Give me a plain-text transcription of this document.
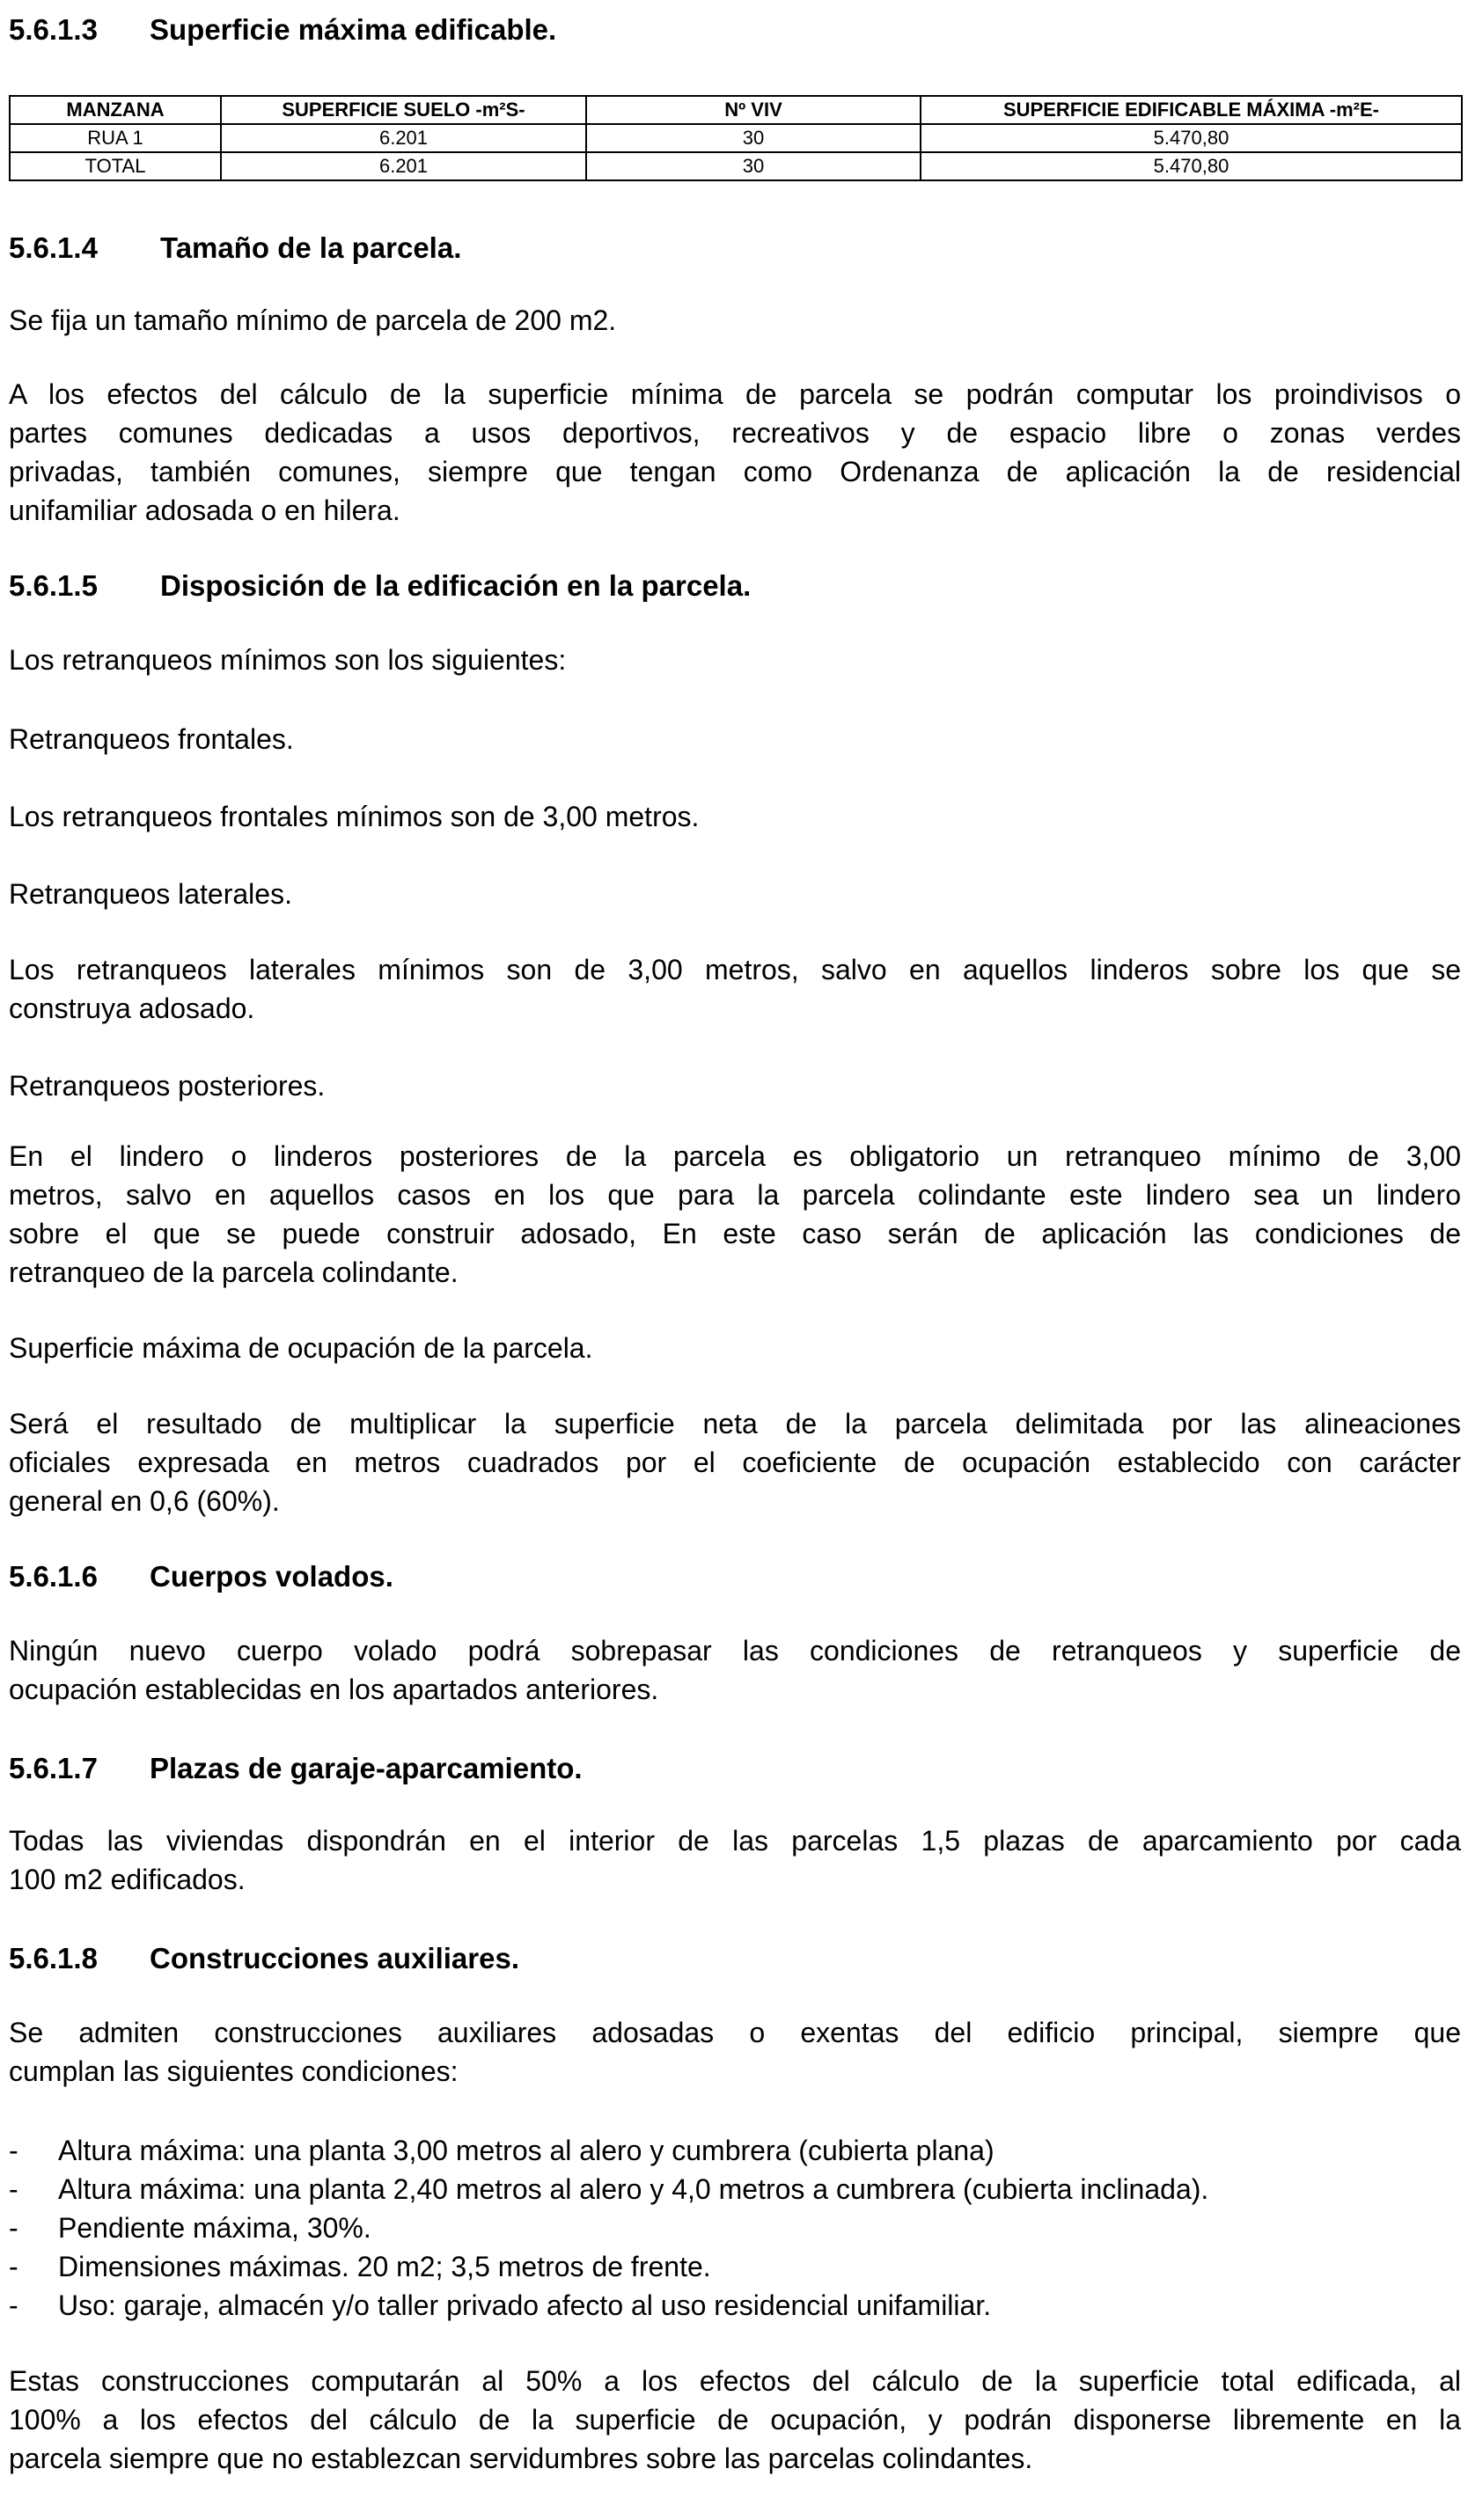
5.6.1.3 Superficie máxima edificable.
MANZANA	SUPERFICIE SUELO -m²S-	Nº VIV	SUPERFICIE EDIFICABLE MÁXIMA -m²E-
RUA 1	6.201	30	5.470,80
TOTAL	6.201	30	5.470,80
5.6.1.4 Tamaño de la parcela.
Se fija un tamaño mínimo de parcela de 200 m2.
A los efectos del cálculo de la superficie mínima de parcela se podrán computar los proindivisos o
partes comunes dedicadas a usos deportivos, recreativos y de espacio libre o zonas verdes
privadas, también comunes, siempre que tengan como Ordenanza de aplicación la de residencial
unifamiliar adosada o en hilera.
5.6.1.5 Disposición de la edificación en la parcela.
Los retranqueos mínimos son los siguientes:
Retranqueos frontales.
Los retranqueos frontales mínimos son de 3,00 metros.
Retranqueos laterales.
Los retranqueos laterales mínimos son de 3,00 metros, salvo en aquellos linderos sobre los que se
construya adosado.
Retranqueos posteriores.
En el lindero o linderos posteriores de la parcela es obligatorio un retranqueo mínimo de 3,00
metros, salvo en aquellos casos en los que para la parcela colindante este lindero sea un lindero
sobre el que se puede construir adosado, En este caso serán de aplicación las condiciones de
retranqueo de la parcela colindante.
Superficie máxima de ocupación de la parcela.
Será el resultado de multiplicar la superficie neta de la parcela delimitada por las alineaciones
oficiales expresada en metros cuadrados por el coeficiente de ocupación establecido con carácter
general en 0,6 (60%).
5.6.1.6 Cuerpos volados.
Ningún nuevo cuerpo volado podrá sobrepasar las condiciones de retranqueos y superficie de
ocupación establecidas en los apartados anteriores.
5.6.1.7 Plazas de garaje-aparcamiento.
Todas las viviendas dispondrán en el interior de las parcelas 1,5 plazas de aparcamiento por cada
100 m2 edificados.
5.6.1.8 Construcciones auxiliares.
Se admiten construcciones auxiliares adosadas o exentas del edificio principal, siempre que
cumplan las siguientes condiciones:
- Altura máxima: una planta 3,00 metros al alero y cumbrera (cubierta plana)
- Altura máxima: una planta 2,40 metros al alero y 4,0 metros a cumbrera (cubierta inclinada).
- Pendiente máxima, 30%.
- Dimensiones máximas. 20 m2; 3,5 metros de frente.
- Uso: garaje, almacén y/o taller privado afecto al uso residencial unifamiliar.
Estas construcciones computarán al 50% a los efectos del cálculo de la superficie total edificada, al
100% a los efectos del cálculo de la superficie de ocupación, y podrán disponerse libremente en la
parcela siempre que no establezcan servidumbres sobre las parcelas colindantes.
